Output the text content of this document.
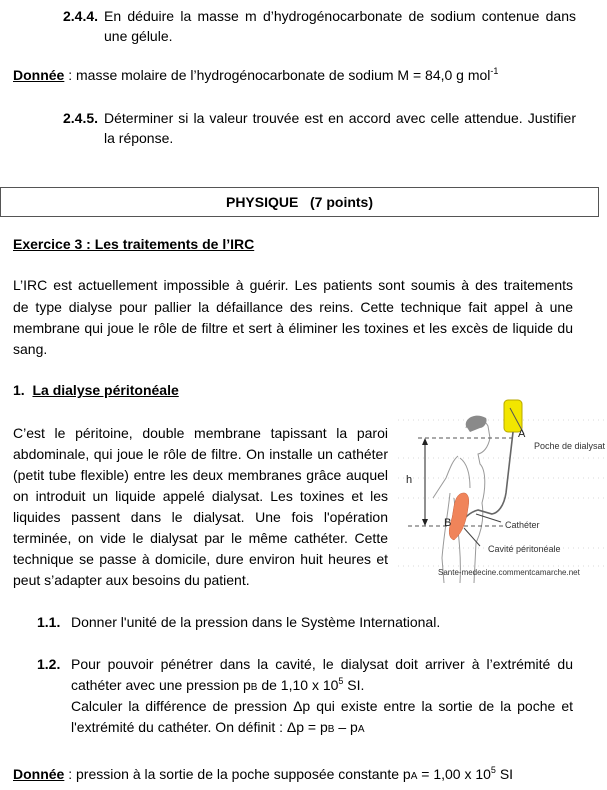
2.4.4. En déduire la masse m d’hydrogénocarbonate de sodium contenue dans
une gélule.
Donnée : masse molaire de l’hydrogénocarbonate de sodium M = 84,0 g mol$^{-1}$
2.4.5. Déterminer si la valeur trouvée est en accord avec celle attendue. Justifier
la réponse.
PHYSIQUE   (7 points)
Exercice 3 : Les traitements de l’IRC
L’IRC est actuellement impossible à guérir. Les patients sont soumis à des traitements
de type dialyse pour pallier la défaillance des reins. Cette technique fait appel à une
membrane qui joue le rôle de filtre et sert à éliminer les toxines et les excès de liquide du
sang.
1. La dialyse péritonéale
C’est le péritoine, double membrane tapissant la paroi
abdominale, qui joue le rôle de filtre. On installe un cathéter
(petit tube flexible) entre les deux membranes grâce auquel
on introduit un liquide appelé dialysat. Les toxines et les
liquides passent dans le dialysat. Une fois l'opération
terminée, on vide le dialysat par le même cathéter. Cette
technique se passe à domicile, dure environ huit heures et
peut s’adapter aux besoins du patient.
A
B
h
Poche de dialysat
Cathéter
Cavité péritonéale
Sante-medecine.commentcamarche.net
1.1. Donner l'unité de la pression dans le Système International.
1.2. Pour pouvoir pénétrer dans la cavité, le dialysat doit arriver à l’extrémité du
cathéter avec une pression pB de 1,10 x $10^5$ SI.
Calculer la différence de pression Δp qui existe entre la sortie de la poche et
l'extrémité du cathéter. On définit : Δp = pB – pA
Donnée : pression à la sortie de la poche supposée constante pA = 1,00 x $10^5$ SI
